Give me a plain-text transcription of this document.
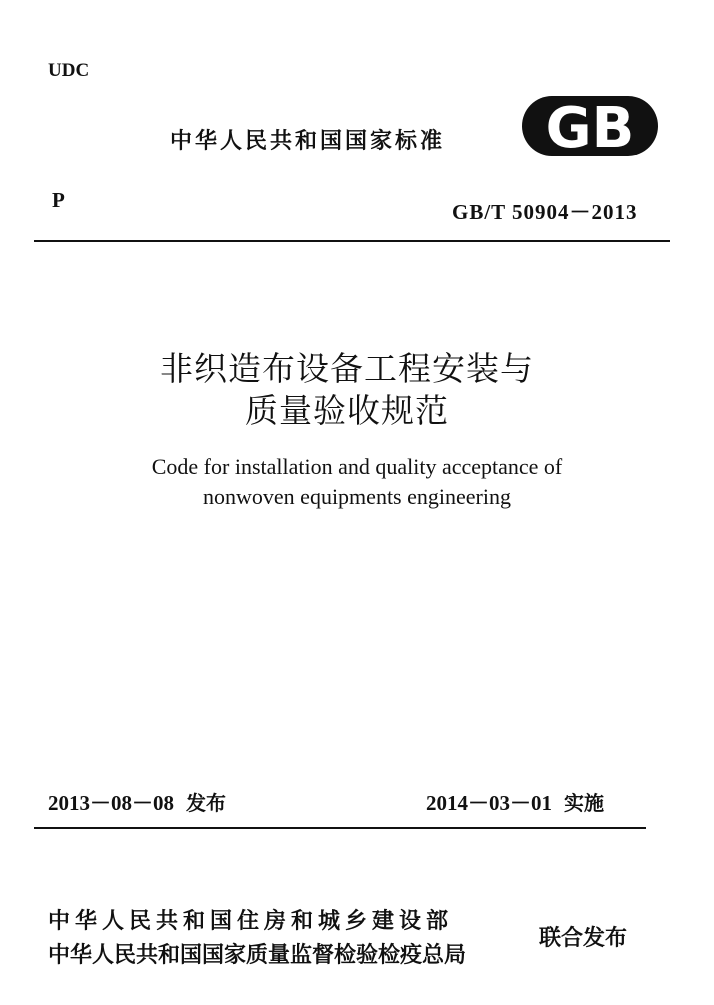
UDC
中华人民共和国国家标准 GB
P	GB/T 50904－2013
非织造布设备工程安装与
质量验收规范
Code for installation and quality acceptance of
nonwoven equipments engineering
2013－08－08 发布	2014－03－01 实施
中华人民共和国住房和城乡建设部
中华人民共和国国家质量监督检验检疫总局
联合发布
